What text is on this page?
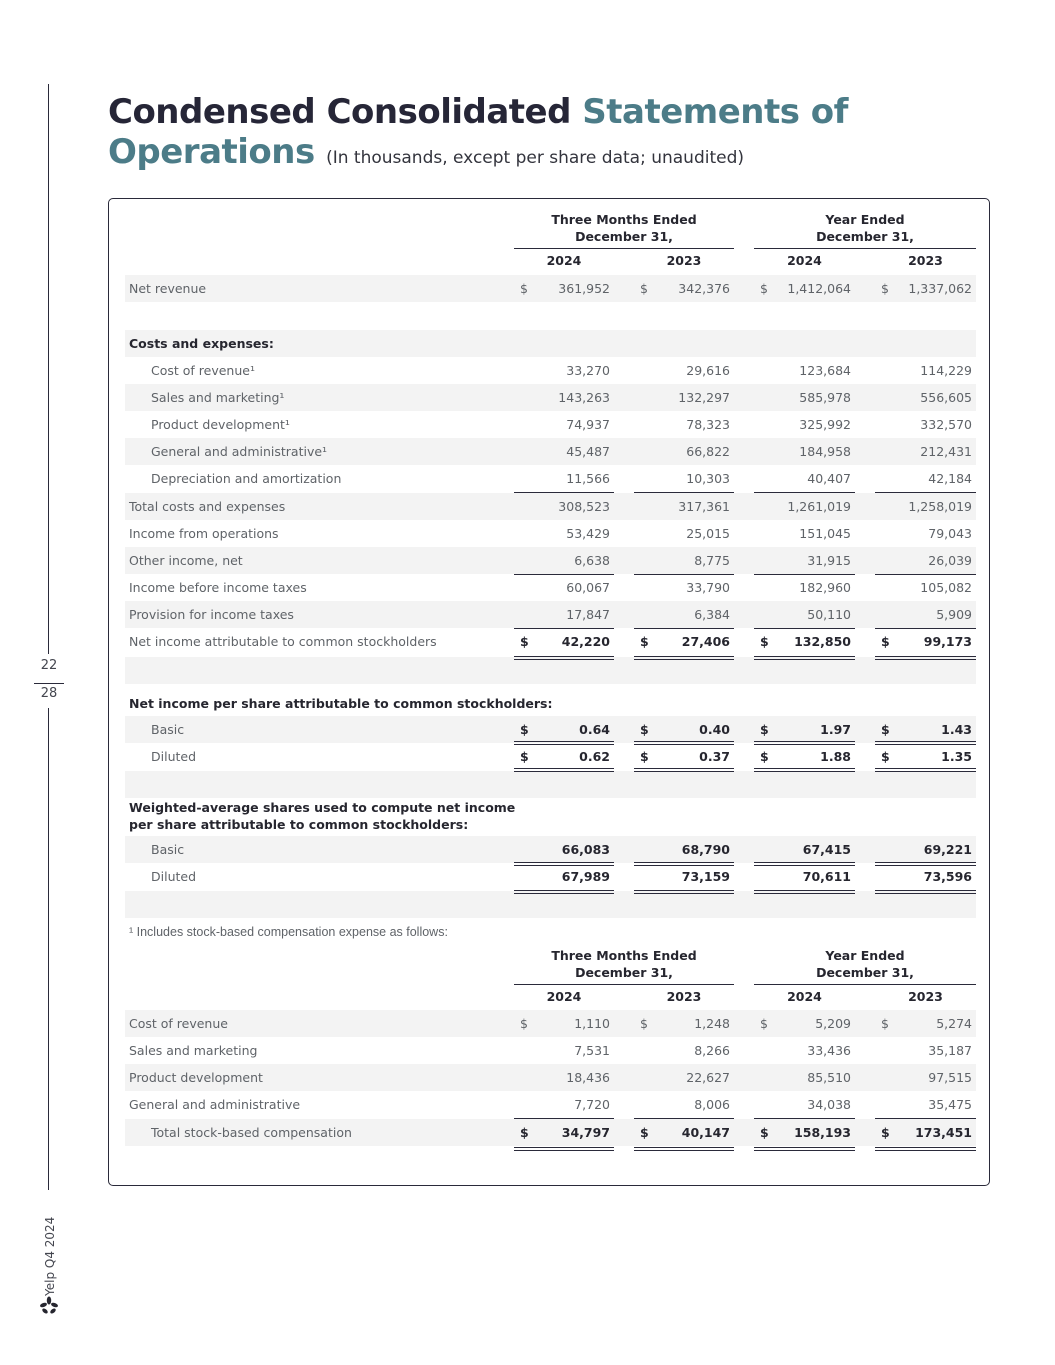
22
28
Yelp Q4 2024
Condensed Consolidated Statements of
Operations (In thousands, except per share data; unaudited)
Three Months Ended
December 31,
Year Ended
December 31,
2024	2023	2024	2023
Net revenue	$ 361,952 $ 342,376 $ 1,412,064 $ 1,337,062
Costs and expenses:
Cost of revenue¹	33,270	29,616	123,684	114,229
Sales and marketing¹	143,263	132,297	585,978	556,605
Product development¹	74,937	78,323	325,992	332,570
General and administrative¹	45,487	66,822	184,958	212,431
Depreciation and amortization	11,566	10,303	40,407	42,184
Total costs and expenses	308,523	317,361	1,261,019	1,258,019
Income from operations	53,429	25,015	151,045	79,043
Other income, net	6,638	8,775	31,915	26,039
Income before income taxes	60,067	33,790	182,960	105,082
Provision for income taxes	17,847	6,384	50,110	5,909
Net income attributable to common stockholders	$	42,220 $	27,406 $ 132,850 $	99,173
Net income per share attributable to common stockholders:
Basic	$	0.64 $	0.40 $	1.97 $	1.43
Diluted	$	0.62 $	0.37 $	1.88 $	1.35
Weighted-average shares used to compute net income
per share attributable to common stockholders:
Basic	66,083	68,790	67,415	69,221
Diluted	67,989	73,159	70,611	73,596
Three Months Ended
December 31,
Year Ended
December 31,
2024	2023	2024	2023
Cost of revenue	$	1,110 $	1,248 $	5,209 $	5,274
Sales and marketing	7,531	8,266	33,436	35,187
Product development	18,436	22,627	85,510	97,515
General and administrative	7,720	8,006	34,038	35,475
Total stock-based compensation	$	34,797 $	40,147 $ 158,193 $ 173,451
¹ Includes stock-based compensation expense as follows:
